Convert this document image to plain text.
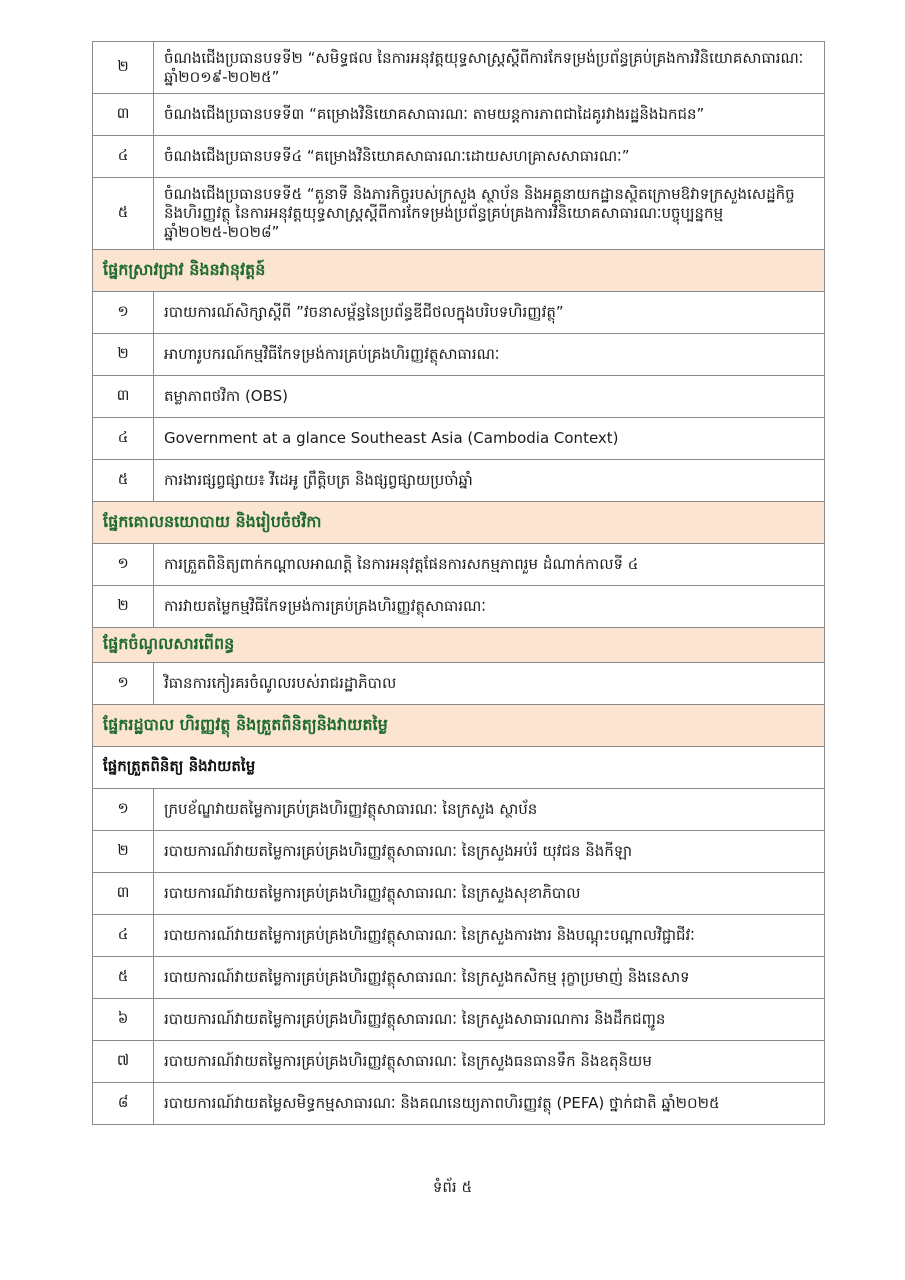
២	ចំណងជើងប្រធានបទទី២ “សមិទ្ធផល នៃការអនុវត្តយុទ្ធសាស្ត្រស្តីពីការកែទម្រង់ប្រព័ន្ធគ្រប់គ្រងការវិនិយោគសាធារណៈ ឆ្នាំ២០១៩-២០២៥”
៣	ចំណងជើងប្រធានបទទី៣ “គម្រោងវិនិយោគសាធារណៈ តាមយន្តការភាពជាដៃគូរវាងរដ្ឋនិងឯកជន”
៤	ចំណងជើងប្រធានបទទី៤ “គម្រោងវិនិយោគសាធារណៈដោយសហគ្រាសសាធារណៈ”
៥	ចំណងជើងប្រធានបទទី៥ “តួនាទី និងភារកិច្ចរបស់ក្រសួង ស្ថាប័ន និងអគ្គនាយកដ្ឋានស្ថិតក្រោមឱវាទក្រសួងសេដ្ឋកិច្ចនិងហិរញ្ញវត្ថុ នៃការអនុវត្តយុទ្ធសាស្ត្រស្តីពីការកែទម្រង់ប្រព័ន្ធគ្រប់គ្រងការវិនិយោគសាធារណៈបច្ចុប្បន្នកម្ម ឆ្នាំ២០២៥-២០២៨”
ផ្នែកស្រាវជ្រាវ និងនវានុវត្តន៍	
១	របាយការណ៍សិក្សាស្តីពី ”វចនាសម្ព័ន្ធនៃប្រព័ន្ធឌីជីថលក្នុងបរិបទហិរញ្ញវត្ថុ”
២	អាហារូបករណ៍កម្មវិធីកែទម្រង់ការគ្រប់គ្រងហិរញ្ញវត្ថុសាធារណៈ
៣	តម្លាភាពថវិកា (OBS)
៤	Government at a glance Southeast Asia (Cambodia Context)
៥	ការងារផ្សព្វផ្សាយ៖ វីដេអូ ព្រឹត្តិបត្រ និងផ្សព្វផ្សាយប្រចាំឆ្នាំ
ផ្នែកគោលនយោបាយ និងរៀបចំថវិកា	
១	ការត្រួតពិនិត្យពាក់កណ្តាលអាណត្តិ នៃការអនុវត្តផែនការសកម្មភាពរួម ដំណាក់កាលទី ៤
២	ការវាយតម្លៃកម្មវិធីកែទម្រង់ការគ្រប់គ្រងហិរញ្ញវត្ថុសាធារណៈ
ផ្នែកចំណូលសារពើពន្ធ	
១	វិធានការកៀរគរចំណូលរបស់រាជរដ្ឋាភិបាល
ផ្នែករដ្ឋបាល ហិរញ្ញវត្ថុ និងត្រួតពិនិត្យនិងវាយតម្លៃ	
ផ្នែកត្រួតពិនិត្យ និងវាយតម្លៃ	
១	ក្របខ័ណ្ឌវាយតម្លៃការគ្រប់គ្រងហិរញ្ញវត្ថុសាធារណៈ នៃក្រសួង ស្ថាប័ន
២	របាយការណ៍វាយតម្លៃការគ្រប់គ្រងហិរញ្ញវត្ថុសាធារណៈ នៃក្រសួងអប់រំ យុវជន និងកីឡា
៣	របាយការណ៍វាយតម្លៃការគ្រប់គ្រងហិរញ្ញវត្ថុសាធារណៈ នៃក្រសួងសុខាភិបាល
៤	របាយការណ៍វាយតម្លៃការគ្រប់គ្រងហិរញ្ញវត្ថុសាធារណៈ នៃក្រសួងការងារ និងបណ្តុះបណ្តាលវិជ្ជាជីវៈ
៥	របាយការណ៍វាយតម្លៃការគ្រប់គ្រងហិរញ្ញវត្ថុសាធារណៈ នៃក្រសួងកសិកម្ម រុក្ខាប្រមាញ់ និងនេសាទ
៦	របាយការណ៍វាយតម្លៃការគ្រប់គ្រងហិរញ្ញវត្ថុសាធារណៈ នៃក្រសួងសាធារណការ និងដឹកជញ្ជូន
៧	របាយការណ៍វាយតម្លៃការគ្រប់គ្រងហិរញ្ញវត្ថុសាធារណៈ នៃក្រសួងធនធានទឹក និងឧតុនិយម
៨	របាយការណ៍វាយតម្លៃសមិទ្ធកម្មសាធារណៈ និងគណនេយ្យភាពហិរញ្ញវត្ថុ (PEFA) ថ្នាក់ជាតិ ឆ្នាំ២០២៥
ទំព័រ ៥
